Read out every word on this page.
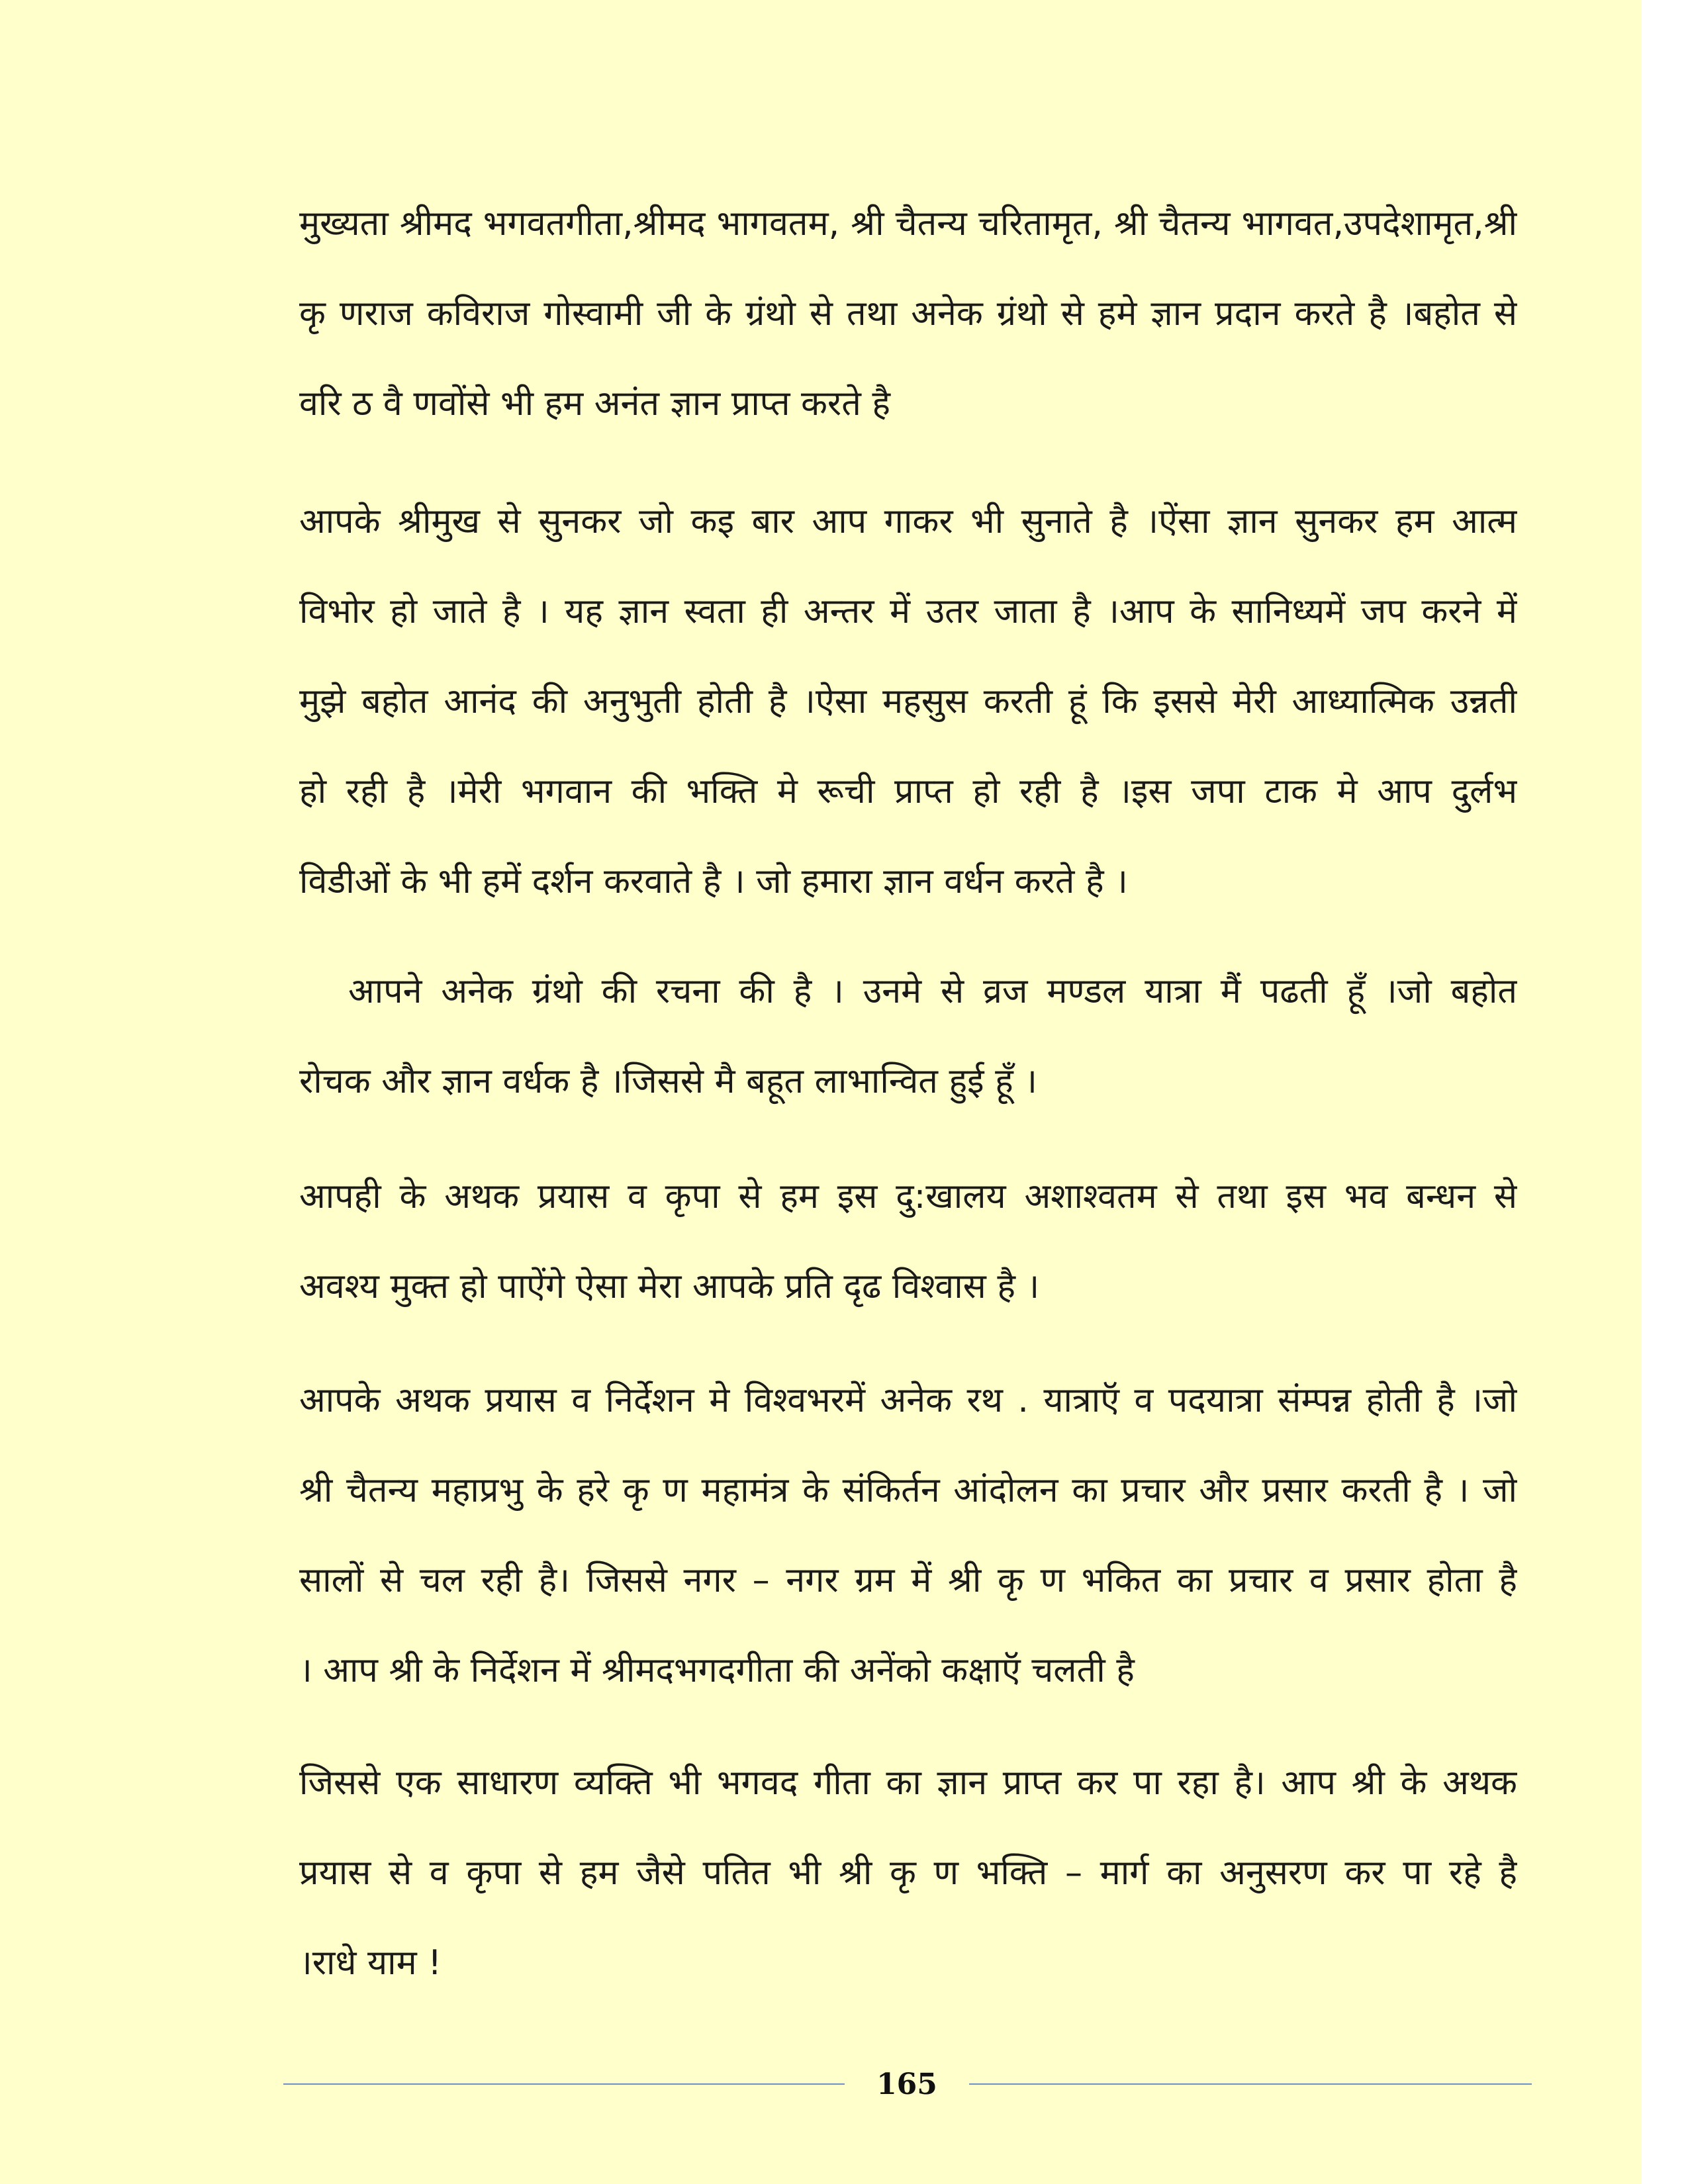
मुख्यता श्रीमद भगवतगीता,श्रीमद भागवतम, श्री चैतन्य चरितामृत, श्री चैतन्य भागवत,उपदेशामृत,श्री
कृ णराज कविराज गोस्वामी जी के ग्रंथो से तथा अनेक ग्रंथो से हमे ज्ञान प्रदान करते है ।बहोत से
वरि ठ वै णवोंसे भी हम अनंत ज्ञान प्राप्त करते है
आपके श्रीमुख से सुनकर जो कइ बार आप गाकर भी सुनाते है ।ऐंसा ज्ञान सुनकर हम आत्म
विभोर हो जाते है । यह ज्ञान स्वता ही अन्तर में उतर जाता है ।आप के सानिध्यमें जप करने में
मुझे बहोत आनंद की अनुभुती होती है ।ऐसा महसुस करती हूं कि इससे मेरी आध्यात्मिक उन्नती
हो रही है ।मेरी भगवान की भक्ति मे रूची प्राप्त हो रही है ।इस जपा टाक मे आप दुर्लभ
विडीओं के भी हमें दर्शन करवाते है । जो हमारा ज्ञान वर्धन करते है ।
आपने अनेक ग्रंथो की रचना की है । उनमे से व्रज मण्डल यात्रा मैं पढती हूँ ।जो बहोत
रोचक और ज्ञान वर्धक है ।जिससे मै बहूत लाभान्वित हुई हूँ ।
आपही के अथक प्रयास व कृपा से हम इस दु:खालय अशाश्वतम से तथा इस भव बन्धन से
अवश्य मुक्त हो पाऐंगे ऐसा मेरा आपके प्रति दृढ विश्वास है ।
आपके अथक प्रयास व निर्देशन मे विश्वभरमें अनेक रथ . यात्राऍ व पदयात्रा संम्पन्न होती है ।जो
श्री चैतन्य महाप्रभु के हरे कृ ण महामंत्र के संकिर्तन आंदोलन का प्रचार और प्रसार करती है । जो
सालों से चल रही है। जिससे नगर – नगर ग्रम में श्री कृ ण भकित का प्रचार व प्रसार होता है
। आप श्री के निर्देशन में श्रीमदभगदगीता की अनेंको कक्षाऍ चलती है
जिससे एक साधारण व्यक्ति भी भगवद गीता का ज्ञान प्राप्त कर पा रहा है। आप श्री के अथक
प्रयास से व कृपा से हम जैसे पतित भी श्री कृ ण भक्ति – मार्ग का अनुसरण कर पा रहे है
।राधे याम !
165
